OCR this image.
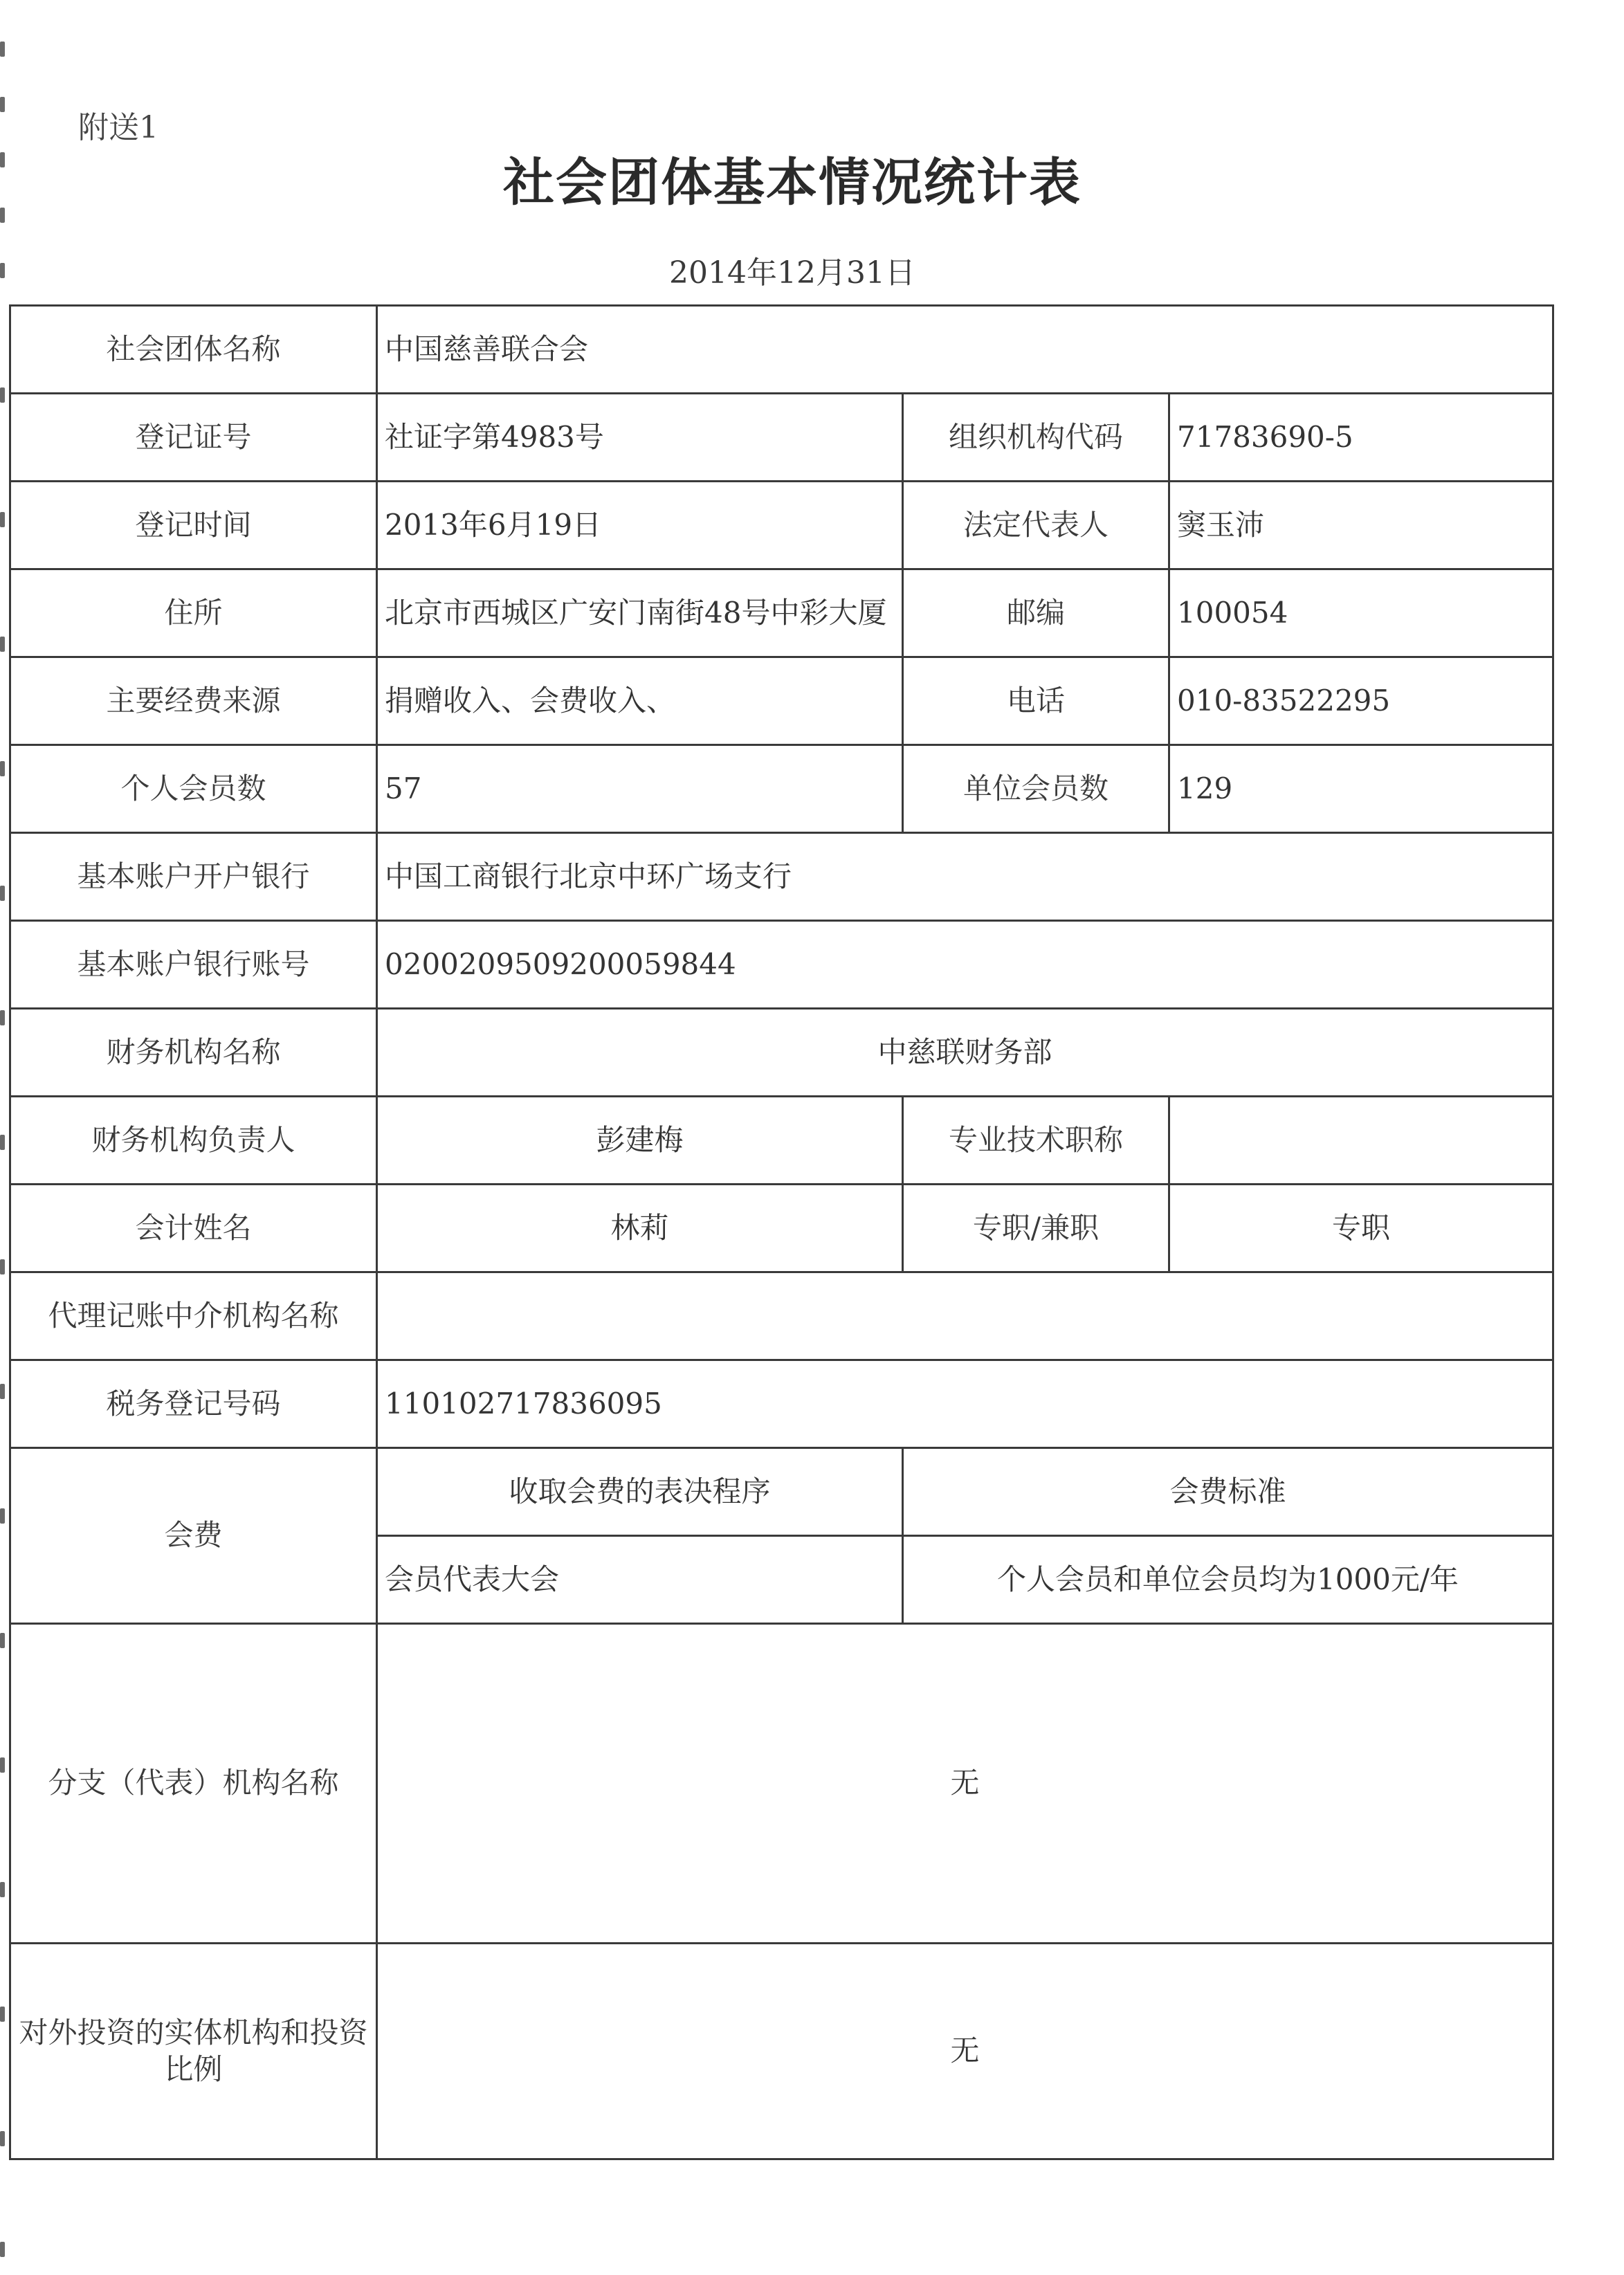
附送1
社会团体基本情况统计表
2014年12月31日
社会团体名称	中国慈善联合会		
登记证号	社证字第4983号	组织机构代码	71783690-5
登记时间	2013年6月19日	法定代表人	窦玉沛
住所	北京市西城区广安门南街48号中彩大厦	邮编	100054
主要经费来源	捐赠收入、会费收入、	电话	010-83522295
个人会员数	57	单位会员数	129
基本账户开户银行	中国工商银行北京中环广场支行		
基本账户银行账号	0200209509200059844		
财务机构名称	中慈联财务部		
财务机构负责人	彭建梅	专业技术职称	
会计姓名	林莉	专职/兼职	专职
代理记账中介机构名称			
税务登记号码	110102717836095		
会费	收取会费的表决程序	会费标准	
	会员代表大会	个人会员和单位会员均为1000元/年	
分支（代表）机构名称	无		
对外投资的实体机构和投资比例	无		
